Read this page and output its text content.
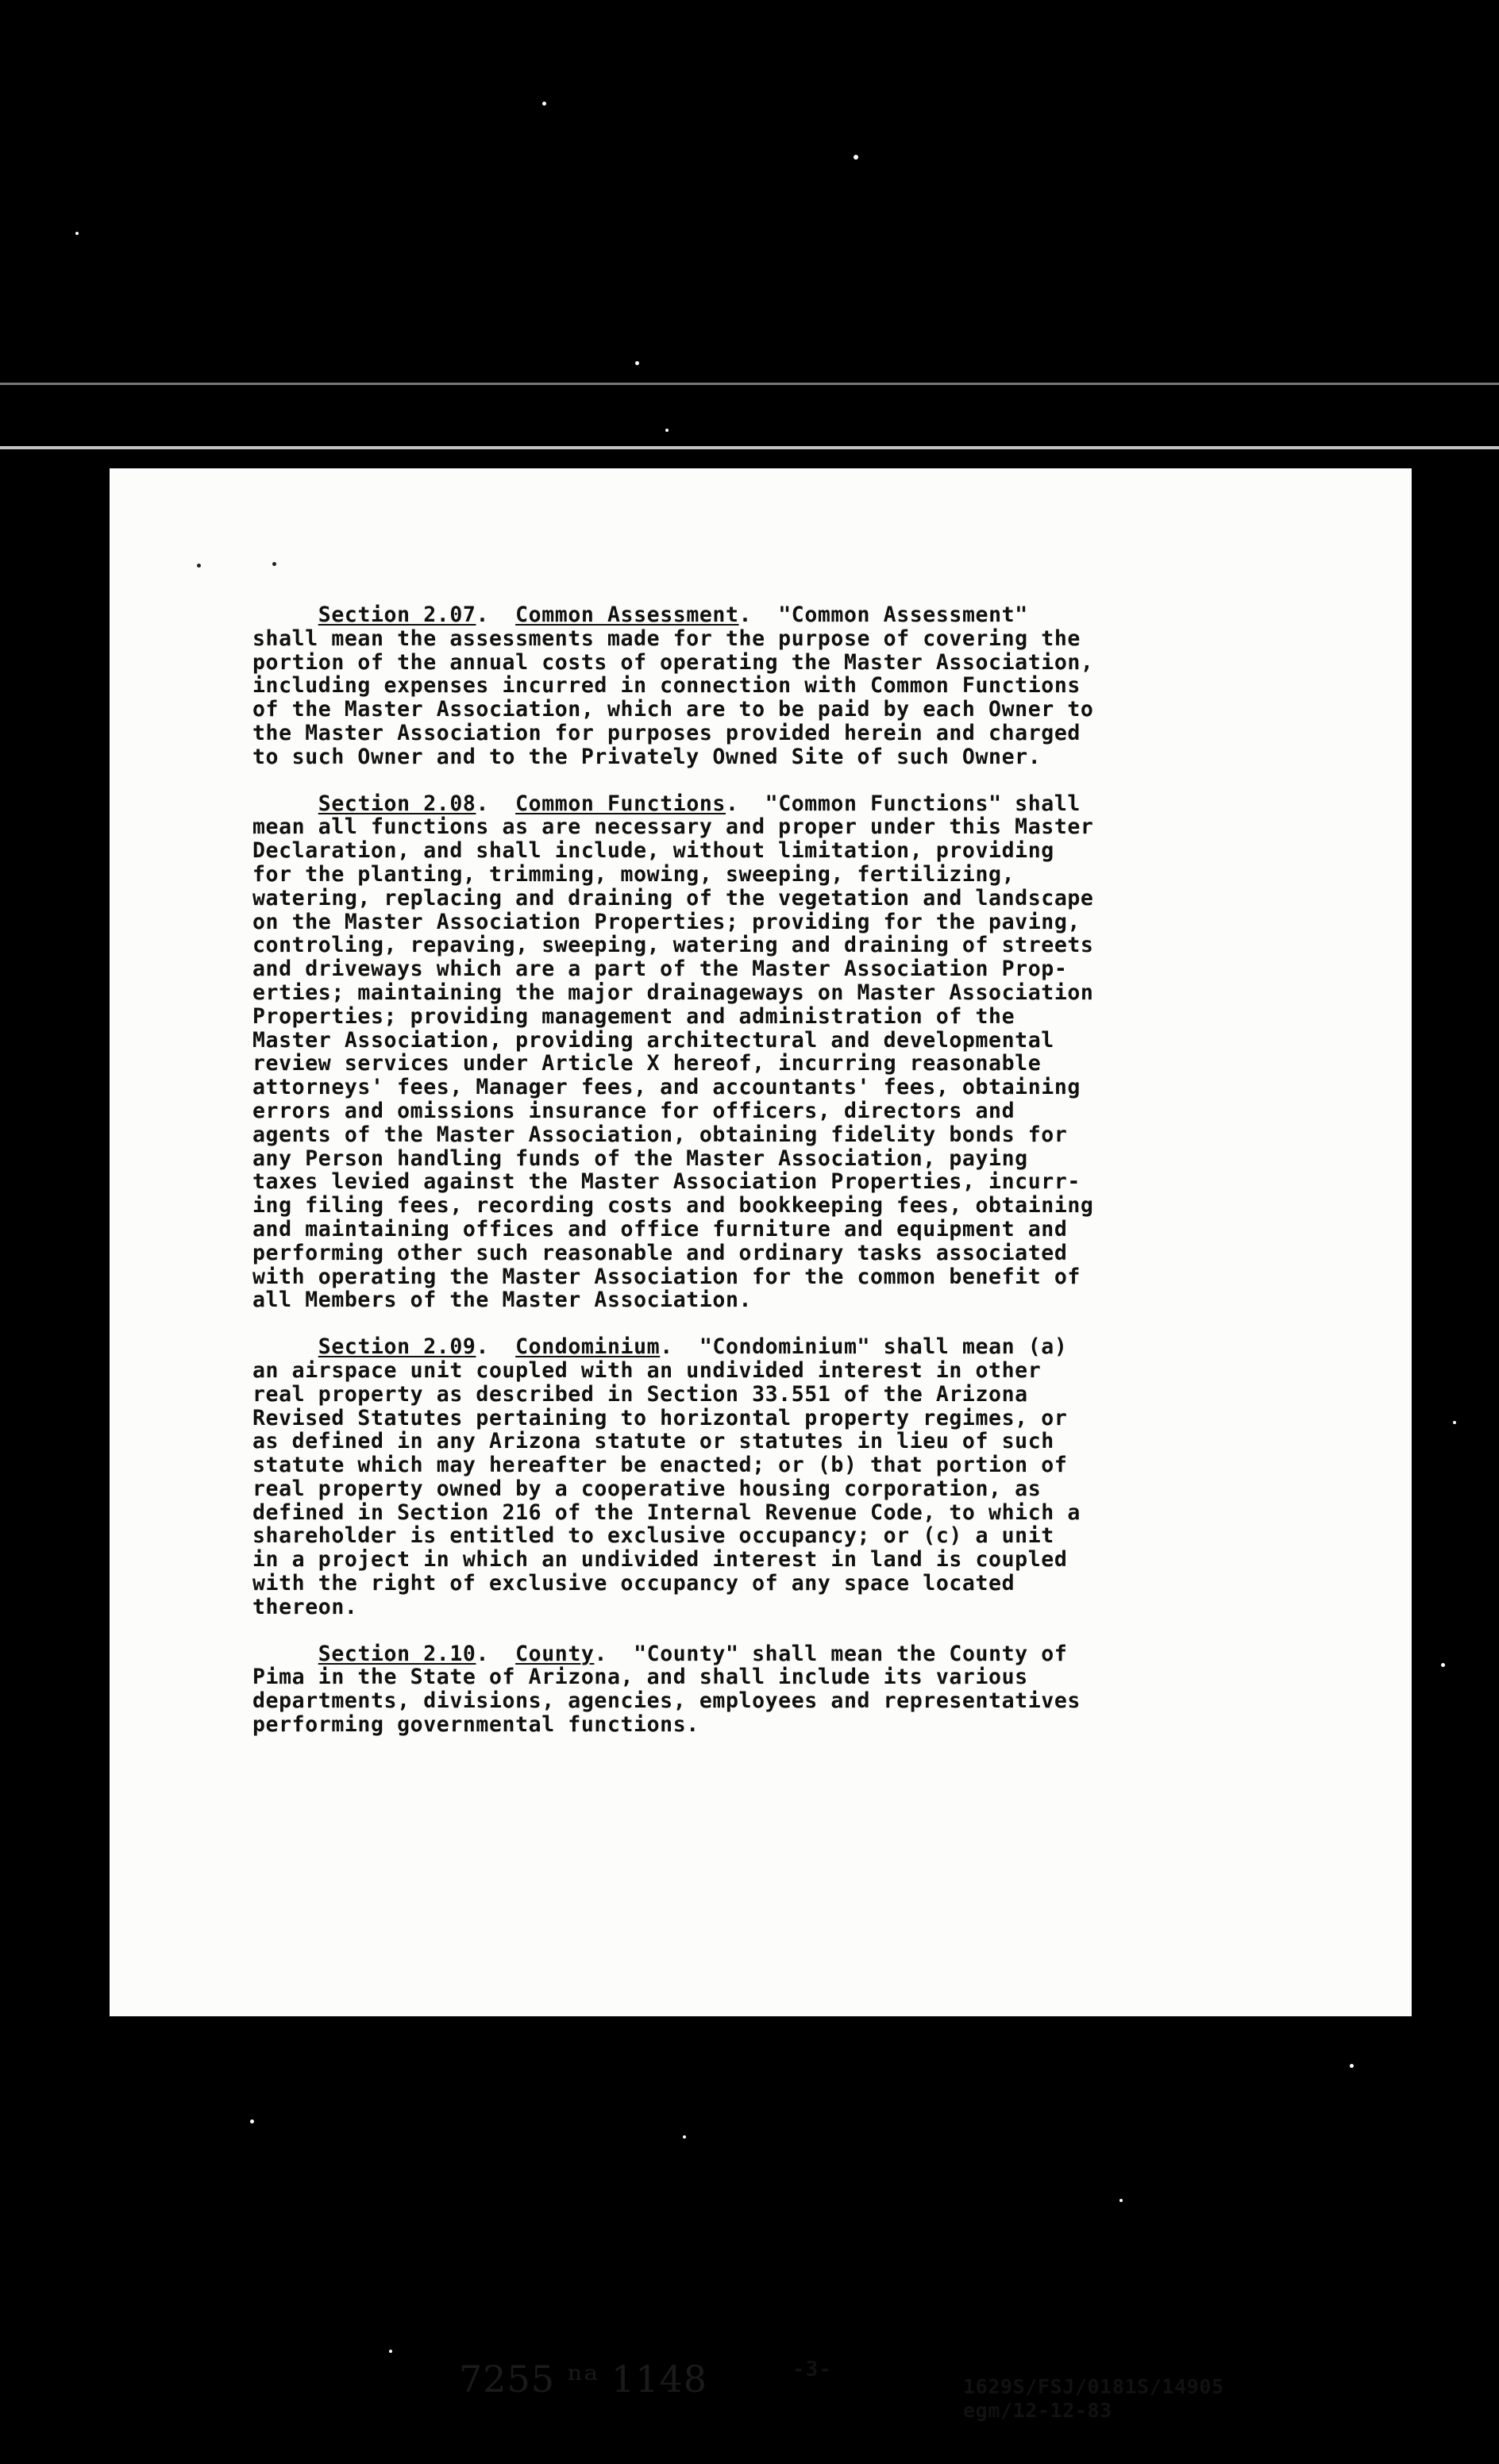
Section 2.07.  Common Assessment.  "Common Assessment"
shall mean the assessments made for the purpose of covering the
portion of the annual costs of operating the Master Association,
including expenses incurred in connection with Common Functions
of the Master Association, which are to be paid by each Owner to
the Master Association for purposes provided herein and charged
to such Owner and to the Privately Owned Site of such Owner.
Section 2.08.  Common Functions.  "Common Functions" shall
mean all functions as are necessary and proper under this Master
Declaration, and shall include, without limitation, providing
for the planting, trimming, mowing, sweeping, fertilizing,
watering, replacing and draining of the vegetation and landscape
on the Master Association Properties; providing for the paving,
controling, repaving, sweeping, watering and draining of streets
and driveways which are a part of the Master Association Prop-
erties; maintaining the major drainageways on Master Association
Properties; providing management and administration of the
Master Association, providing architectural and developmental
review services under Article X hereof, incurring reasonable
attorneys' fees, Manager fees, and accountants' fees, obtaining
errors and omissions insurance for officers, directors and
agents of the Master Association, obtaining fidelity bonds for
any Person handling funds of the Master Association, paying
taxes levied against the Master Association Properties, incurr-
ing filing fees, recording costs and bookkeeping fees, obtaining
and maintaining offices and office furniture and equipment and
performing other such reasonable and ordinary tasks associated
with operating the Master Association for the common benefit of
all Members of the Master Association.
Section 2.09.  Condominium.  "Condominium" shall mean (a)
an airspace unit coupled with an undivided interest in other
real property as described in Section 33.551 of the Arizona
Revised Statutes pertaining to horizontal property regimes, or
as defined in any Arizona statute or statutes in lieu of such
statute which may hereafter be enacted; or (b) that portion of
real property owned by a cooperative housing corporation, as
defined in Section 216 of the Internal Revenue Code, to which a
shareholder is entitled to exclusive occupancy; or (c) a unit
in a project in which an undivided interest in land is coupled
with the right of exclusive occupancy of any space located
thereon.
Section 2.10.  County.  "County" shall mean the County of
Pima in the State of Arizona, and shall include its various
departments, divisions, agencies, employees and representatives
performing governmental functions.
7255 ⁿᵃ 1148	-3-
1629S/FSJ/0181S/14905
egm/12-12-83
